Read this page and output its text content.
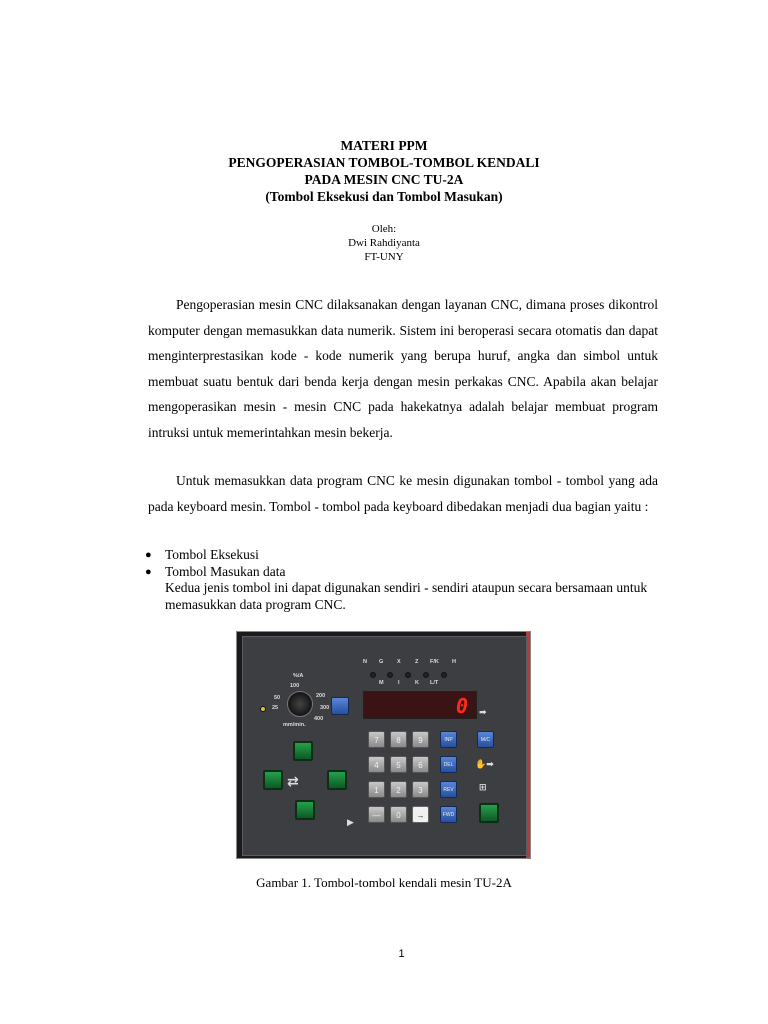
MATERI PPM
PENGOPERASIAN TOMBOL-TOMBOL KENDALI
PADA MESIN CNC TU-2A
(Tombol Eksekusi dan Tombol Masukan)
Oleh:
Dwi Rahdiyanta
FT-UNY

Pengoperasian mesin CNC dilaksanakan dengan layanan CNC, dimana proses dikontrol komputer dengan memasukkan data numerik. Sistem ini beroperasi secara otomatis dan dapat menginterprestasikan kode - kode numerik yang berupa huruf, angka dan simbol untuk membuat suatu bentuk dari benda kerja dengan mesin perkakas CNC. Apabila akan belajar mengoperasikan mesin - mesin CNC pada hakekatnya adalah belajar membuat program intruksi untuk memerintahkan mesin bekerja.

Untuk memasukkan data program CNC ke mesin digunakan tombol - tombol yang ada pada keyboard mesin. Tombol - tombol pada keyboard dibedakan menjadi dua bagian yaitu :

● Tombol Eksekusi
● Tombol Masukan data
Kedua jenis tombol ini dapat digunakan sendiri - sendiri ataupun secara bersamaan untuk memasukkan data program CNC.
N G X	Z F/K H
M	I	K L/T
%/A
100
200
300
400
50
25
mm/min.
0
7	8	9
4	5	6
1	2	3
—	0	→
INP
DEL
REV
FWD
M/C
➡
✋➡
⊞
▶
⇄
Gambar 1. Tombol-tombol kendali mesin TU-2A
1
